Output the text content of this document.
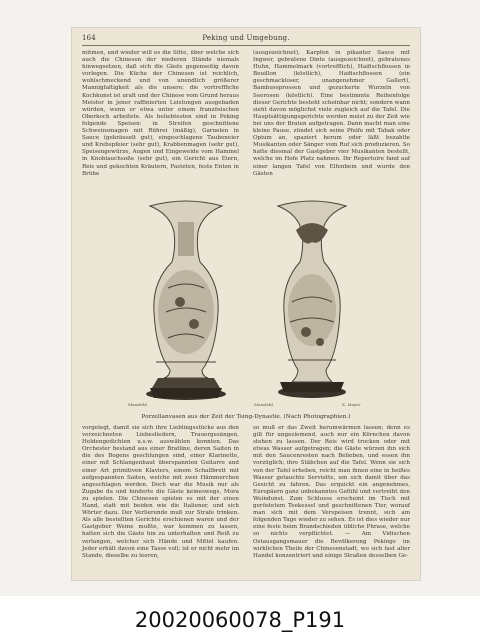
164	Peking und Umgebung.

mitmen, und wieder will es die Sitte, über welche sich auch die Chinesen der niederen Stände niemals hinwegsetzen, daß sich die Gäste gegenseitig davon vorlegen. Die Küche der Chinesen ist reichlich, wohlschmeckend und von unendlich größerer Mannigfaltigkeit als die unsere; die vortreffliche Kochkunst ist uralt und der Chinese vom Grund heraus Meister in jener raffinierten Leistungen ausgebaden würden, wenn er etwa unter einem französischen Oberkoch arbeitete. Als beliebtesten sind in Peking folgende Speisen: in Streifen geschnittene Schweinsmagen mit Rührei (mäßig), Garnelen in Sauce (gekräuselt gut), eingeschlagene Taubeneier und Krebspfeier (sehr gut), Krabbenmagen (sehr gut), Speisengewürze, Augen und Eingeweide vom Hammel in Knoblauchsoße (sehr gut), ein Gericht aus Eiern, Reis und gekochten Kräutern, Pasteten, feste Enten in Brühe

(ausgezeichnet), Karpfen in pikanter Sauce mit Ingwer, gebratene Dinte (ausgezeichnet), gebratenes Huhn, Hammelmark (vortrefflich), Haifischflossen in Bouillon (köstlich), Haifischflossen (ein geschmackloser, unangenehmer Gallert), Bambussprossen und gezuckerte Wurzeln von Seerosen (köstlich). Eine bestimmte Reihenfolge dieser Gerichte besteht scheinbar nicht; sondern wann sieht davon möglichst viele zugleich auf die Tafel. Die Hauptsättigungsgerichte werden meist zu der Zeit wie bei uns der Braten aufgetragen. Dann macht man eine kleine Pause, zündet sich seine Pfeife mit Tabak oder Opium an, spaziert herum oder läßt bezahlte Musikanten oder Sänger vom Ruf sich produzieren. So hatte diesmal der Gastgeber vier Musikanten bestellt, welche im Hofe Platz nahmen. Ihr Repertoire fand auf einer langen Tafel von Elfenbein und wurde den Gästen

Mansfeld	Mansfeld	X. Mayer
Porzellanvasen aus der Zeit der Tsing-Dynastie. (Nach Photographien.)

vorgelegt, damit sie sich ihre Lieblingsstücke aus den verzeichneten Liebesliedern, Trauergesängen, Heldengedichten u.s.w. auswählen konnten. Das Orchester bestand aus einer Bratline, deren Saiten in die des Bogens geschlungen sind, einer Klarinette, einer mit Schlangenhaut überspannten Guitarre und einer Art primitiven Klaviers, einem Schallbrett mit aufgespannten Saiten, welche mit zwei Hämmerchen angeschlagen werden. Doch war die Musik nur als Zugabe da und hinderte die Gäste keineswegs, Mora zu spielen. Die Chinesen spielen es mit der einen Hand, statt mit beiden wie die Italiener, und sich Wörter dazu. Der Verlierende muß zur Strafe trinken. Als alle bestellten Gerichte erschienen waren und der Gastgeber Weine mußte, war kommen zu lassen, hatten sich die Gäste hin zu unterhalten und Reiß zu verlangen, welcher sich Hände und Mittel kaufen. Jeder erhält davon eine Tasse voll; ist er nicht mehr im Stande, dieselbe zu leeren,

so muß er das Zweit herumwärmen lassen; denn es gilt für ungeziemend, auch nur ein Körnchen davon stehen zu lassen. Der Reis wird trocken oder mit etwas Wasser aufgetragen; die Gäste würzen ihn sich mit den Saucenresten nach Belieben, und essen ihn vorzüglich; ihre Stäbchen auf die Tafel. Wenn sie sich von der Tafel erheben, reicht man ihnen eine in heißes Wasser getauchte Serviette, um sich damit über das Gesicht zu fahren. Das erquickt ein angenehmes, Europäern ganz unbekanntes Gefühl und vertreibt den Weindunst. Zum Schlusse erscheint im Tisch mit geröstetem Teekessel und geschnittenen Tier, worauf man sich mit dem Verspeisen trennt, sich am folgenden Tage wieder zu sehen. Es ist dies wieder nur eine feste beim Brandschieden übliche Phrase, welche so nichts verpflichtet. — Am Vidischen Ostausgangsmauer die Bevölkerung Pekings im wirklichen Theile der Chinesenstadt, wo sich fast aller Handel konzentriert und einige Straßen desselben Ge-

20020060078_P191
